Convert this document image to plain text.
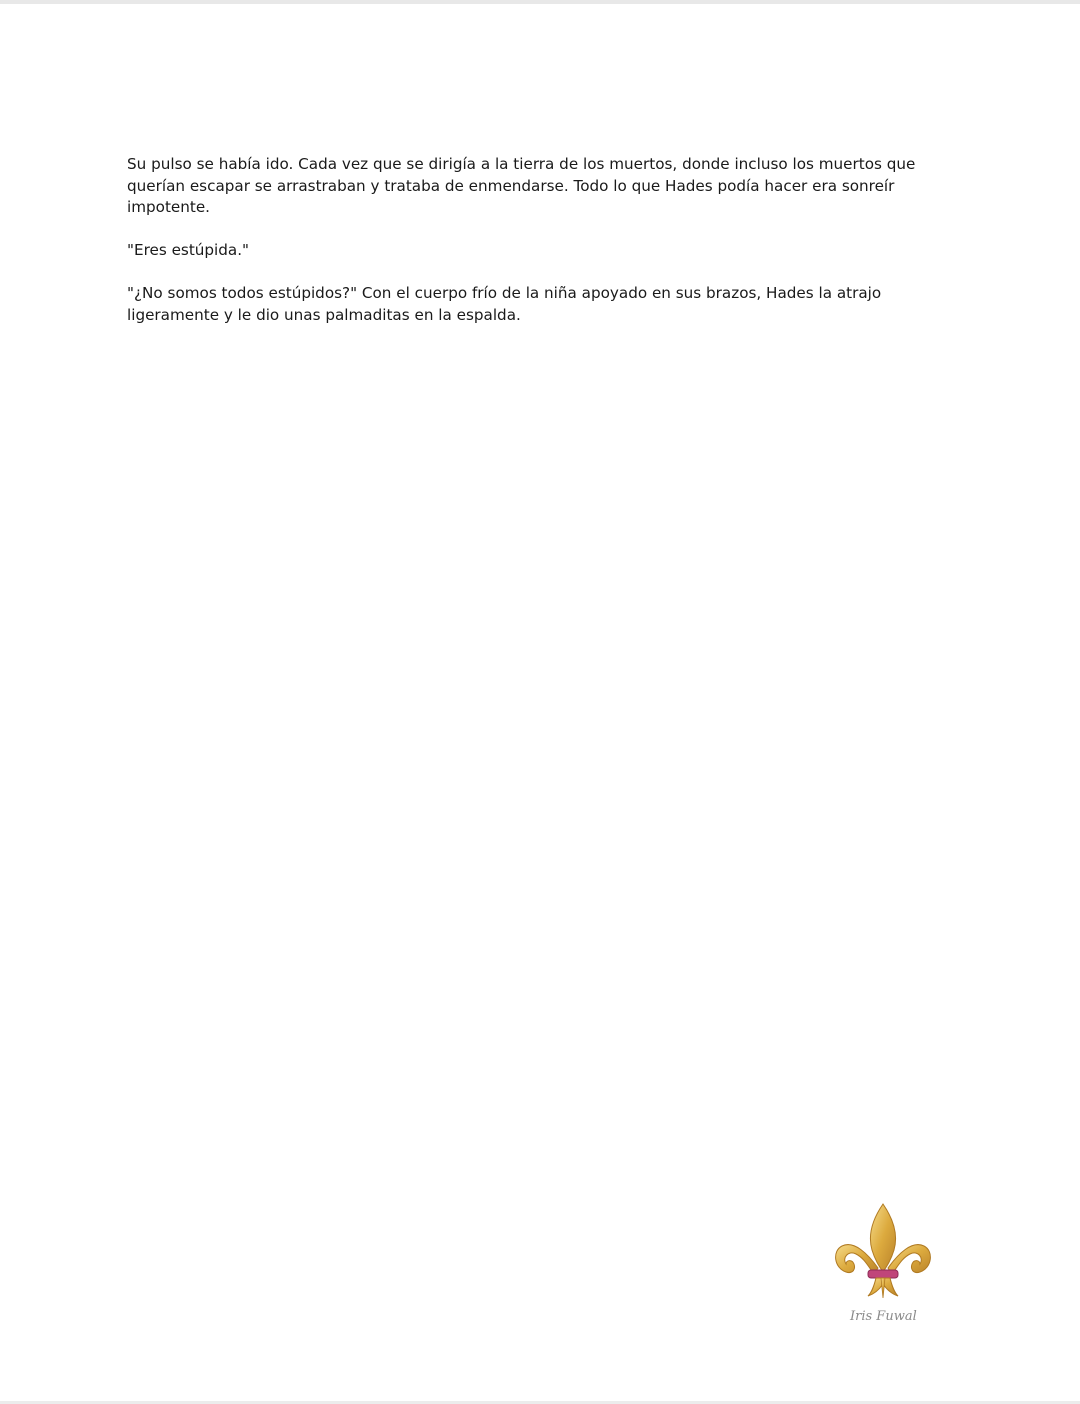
Su pulso se había ido. Cada vez que se dirigía a la tierra de los muertos, donde incluso los muertos que querían escapar se arrastraban y trataba de enmendarse. Todo lo que Hades podía hacer era sonreír impotente.

"Eres estúpida."

"¿No somos todos estúpidos?" Con el cuerpo frío de la niña apoyado en sus brazos, Hades la atrajo ligeramente y le dio unas palmaditas en la espalda.

Iris Fuwal
